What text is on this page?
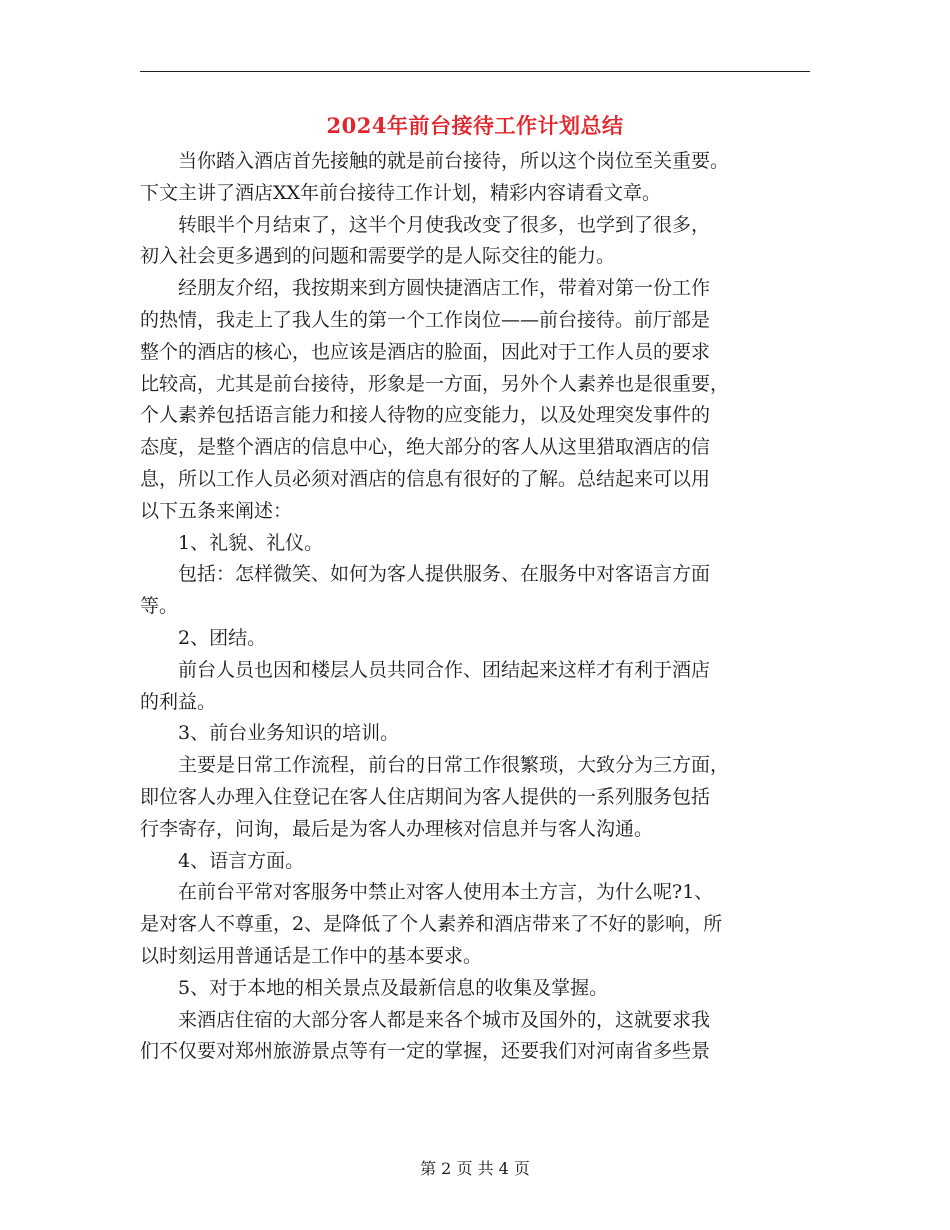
2024年前台接待工作计划总结

当你踏入酒店首先接触的就是前台接待，所以这个岗位至关重要。
下文主讲了酒店XX年前台接待工作计划，精彩内容请看文章。

转眼半个月结束了，这半个月使我改变了很多，也学到了很多，
初入社会更多遇到的问题和需要学的是人际交往的能力。

经朋友介绍，我按期来到方圆快捷酒店工作，带着对第一份工作
的热情，我走上了我人生的第一个工作岗位——前台接待。前厅部是
整个的酒店的核心，也应该是酒店的脸面，因此对于工作人员的要求
比较高，尤其是前台接待，形象是一方面，另外个人素养也是很重要，
个人素养包括语言能力和接人待物的应变能力，以及处理突发事件的
态度，是整个酒店的信息中心，绝大部分的客人从这里猎取酒店的信
息，所以工作人员必须对酒店的信息有很好的了解。总结起来可以用
以下五条来阐述：

1、礼貌、礼仪。

包括：怎样微笑、如何为客人提供服务、在服务中对客语言方面
等。

2、团结。

前台人员也因和楼层人员共同合作、团结起来这样才有利于酒店
的利益。

3、前台业务知识的培训。

主要是日常工作流程，前台的日常工作很繁琐，大致分为三方面，
即位客人办理入住登记在客人住店期间为客人提供的一系列服务包括
行李寄存，问询，最后是为客人办理核对信息并与客人沟通。

4、语言方面。

在前台平常对客服务中禁止对客人使用本土方言，为什么呢?1、
是对客人不尊重，2、是降低了个人素养和酒店带来了不好的影响，所
以时刻运用普通话是工作中的基本要求。

5、对于本地的相关景点及最新信息的收集及掌握。

来酒店住宿的大部分客人都是来各个城市及国外的，这就要求我
们不仅要对郑州旅游景点等有一定的掌握，还要我们对河南省多些景

第 2 页 共 4 页
